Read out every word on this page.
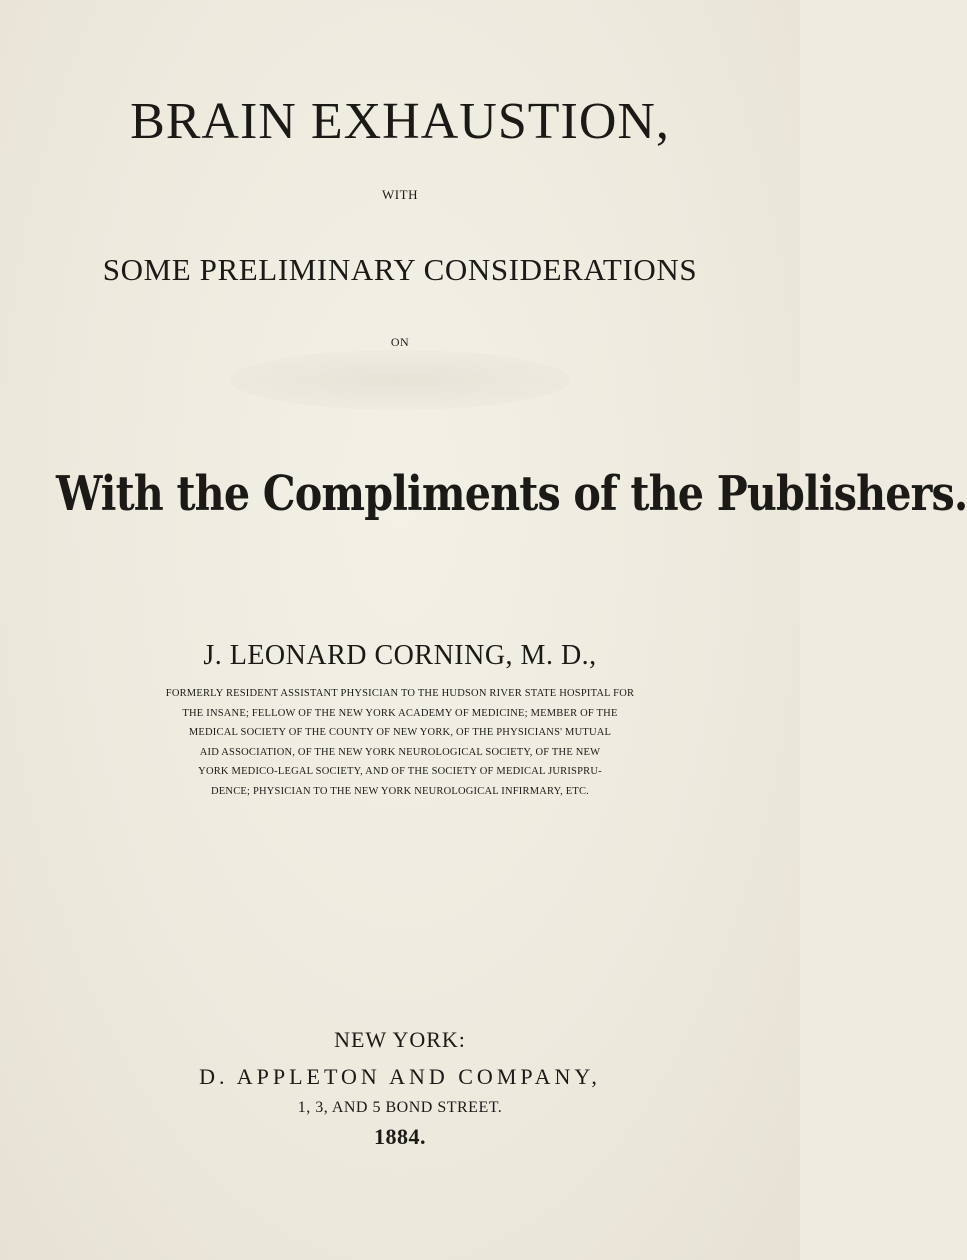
BRAIN EXHAUSTION,
WITH
SOME PRELIMINARY CONSIDERATIONS
ON
With the Compliments of the Publishers.
J. LEONARD CORNING, M. D.,
FORMERLY RESIDENT ASSISTANT PHYSICIAN TO THE HUDSON RIVER STATE HOSPITAL FOR
THE INSANE; FELLOW OF THE NEW YORK ACADEMY OF MEDICINE; MEMBER OF THE
MEDICAL SOCIETY OF THE COUNTY OF NEW YORK, OF THE PHYSICIANS' MUTUAL
AID ASSOCIATION, OF THE NEW YORK NEUROLOGICAL SOCIETY, OF THE NEW
YORK MEDICO-LEGAL SOCIETY, AND OF THE SOCIETY OF MEDICAL JURISPRU-
DENCE; PHYSICIAN TO THE NEW YORK NEUROLOGICAL INFIRMARY, ETC.
NEW YORK:
D. APPLETON AND COMPANY,
1, 3, AND 5 BOND STREET.
1884.
